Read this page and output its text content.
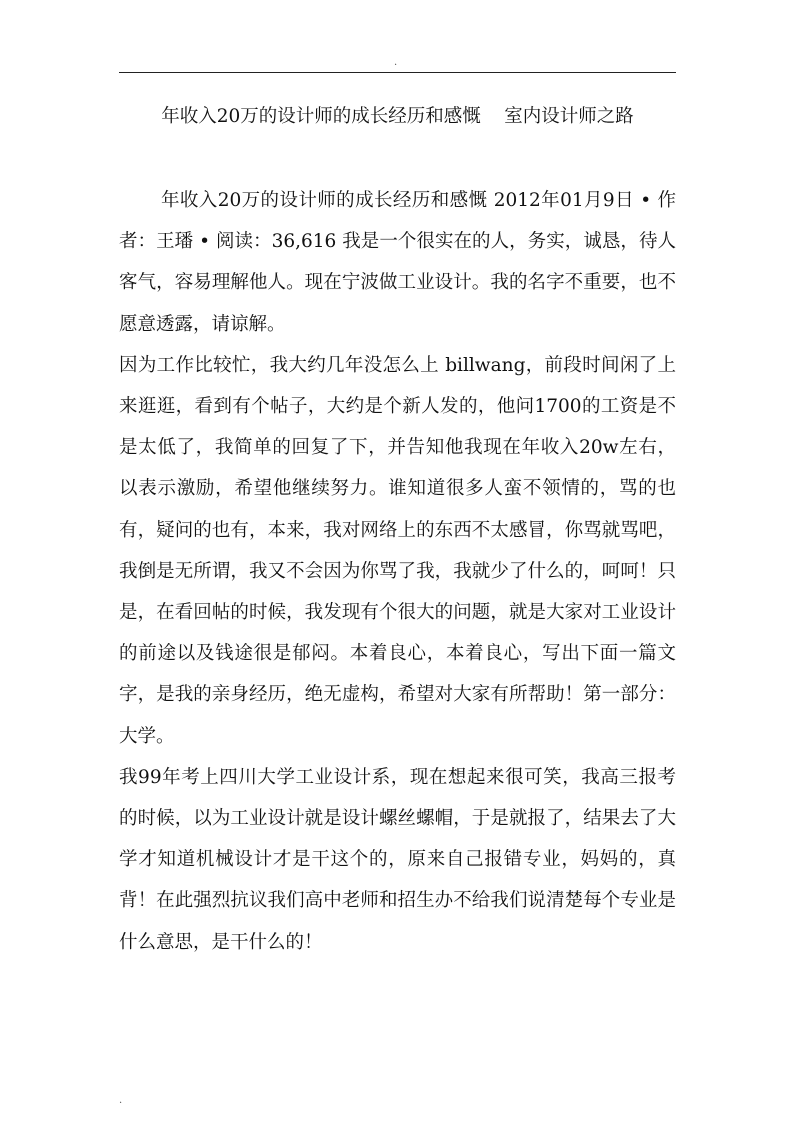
.
年收入20万的设计师的成长经历和感慨    室内设计师之路

年收入20万的设计师的成长经历和感慨 2012年01月9日 • 作者：王璠 • 阅读：36,616 我是一个很实在的人，务实，诚恳，待人客气，容易理解他人。现在宁波做工业设计。我的名字不重要，也不愿意透露，请谅解。

因为工作比较忙，我大约几年没怎么上 billwang，前段时间闲了上来逛逛，看到有个帖子，大约是个新人发的，他问1700的工资是不是太低了，我简单的回复了下，并告知他我现在年收入20w左右，以表示激励，希望他继续努力。谁知道很多人蛮不领情的，骂的也有，疑问的也有，本来，我对网络上的东西不太感冒，你骂就骂吧，我倒是无所谓，我又不会因为你骂了我，我就少了什么的，呵呵！只是，在看回帖的时候，我发现有个很大的问题，就是大家对工业设计的前途以及钱途很是郁闷。本着良心，本着良心，写出下面一篇文字，是我的亲身经历，绝无虚构，希望对大家有所帮助！第一部分：大学。

我99年考上四川大学工业设计系，现在想起来很可笑，我高三报考的时候，以为工业设计就是设计螺丝螺帽，于是就报了，结果去了大学才知道机械设计才是干这个的，原来自己报错专业，妈妈的，真背！在此强烈抗议我们高中老师和招生办不给我们说清楚每个专业是什么意思，是干什么的！

.
